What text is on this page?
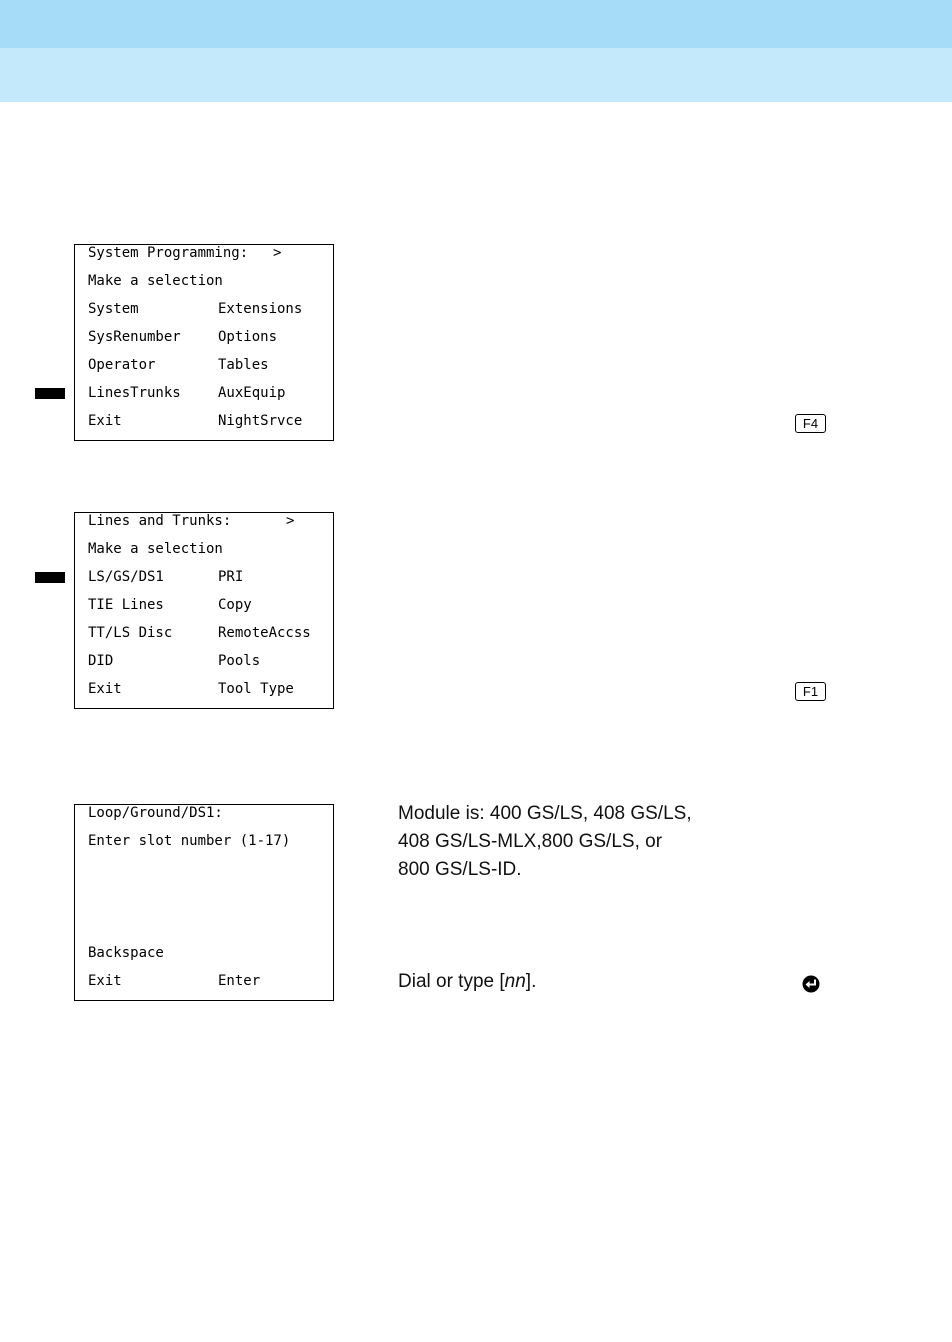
System Programming: >
Make a selection
System	Extensions
SysRenumber	Options
Operator	Tables
LinesTrunks	AuxEquip
Exit	NightSrvce	F4
Lines and Trunks:	>
Make a selection
LS/GS/DS1	PRI
TIE Lines	Copy
TT/LS Disc	RemoteAccss
DID	Pools
Exit	Tool Type	F1
Loop/Ground/DS1:
Enter slot number (1-17)
Backspace
Exit	Enter
Module is: 400 GS/LS, 408 GS/LS,
408 GS/LS-MLX,800 GS/LS, or
800 GS/LS-ID.
Dial or type [nn].
